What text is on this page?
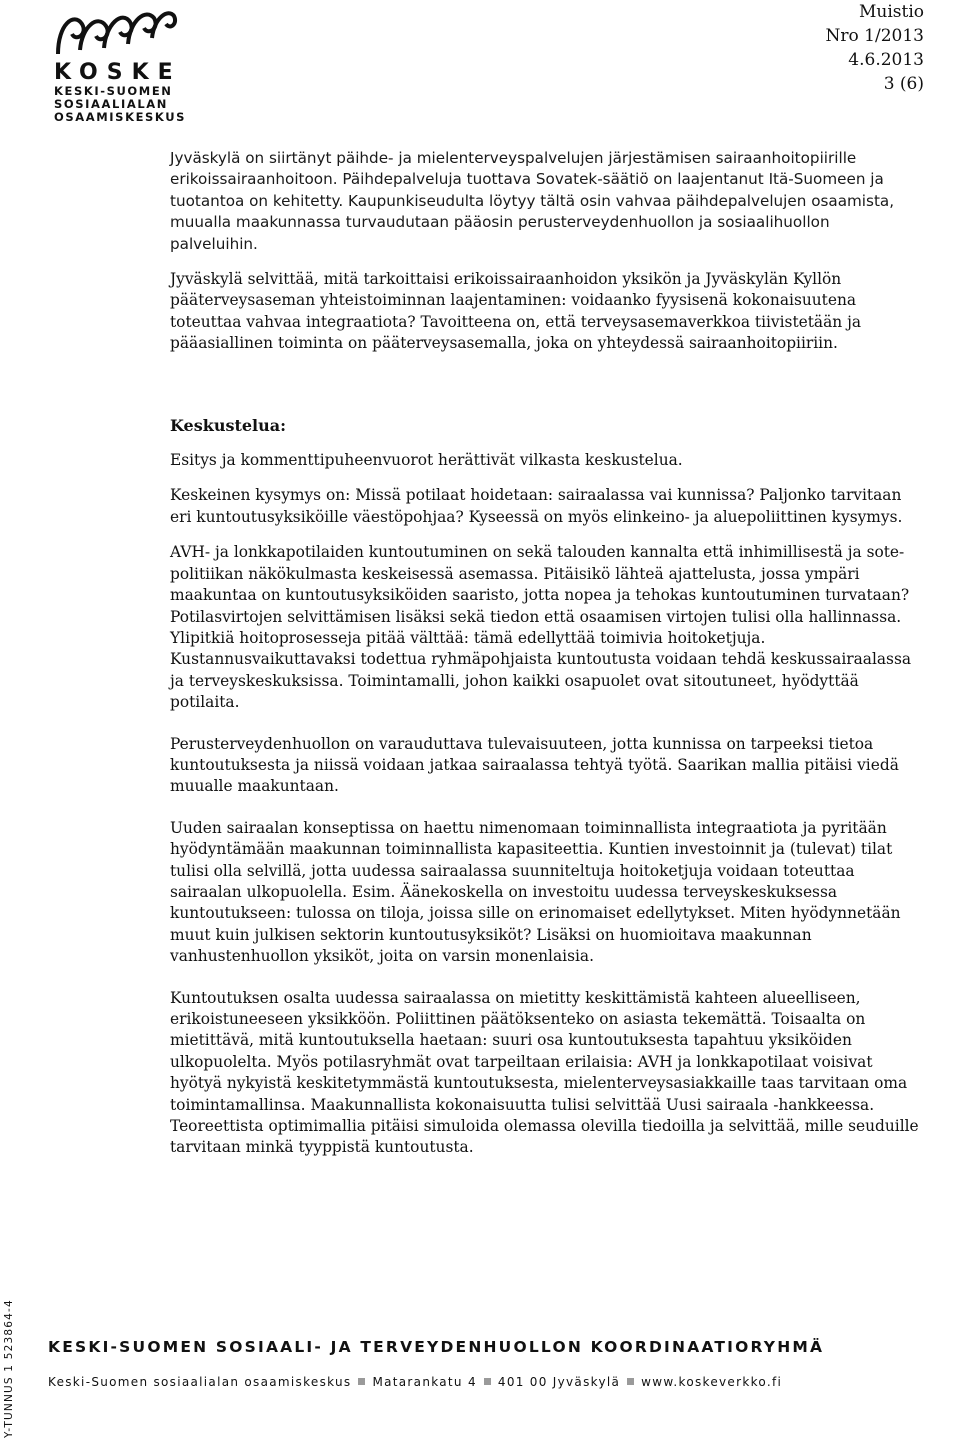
KOSKE
KESKI-SUOMEN
SOSIAALIALAN
OSAAMISKESKUS
Muistio
Nro 1/2013
4.6.2013
3 (6)

Jyväskylä on siirtänyt päihde- ja mielenterveyspalvelujen järjestämisen sairaanhoitopiirille erikoissairaanhoitoon. Päihdepalveluja tuottava Sovatek-säätiö on laajentanut Itä-Suomeen ja tuotantoa on kehitetty. Kaupunkiseudulta löytyy tältä osin vahvaa päihdepalvelujen osaamista, muualla maakunnassa turvaudutaan pääosin perusterveydenhuollon ja sosiaalihuollon palveluihin.

Jyväskylä selvittää, mitä tarkoittaisi erikoissairaanhoidon yksikön ja Jyväskylän Kyllön pääterveysaseman yhteistoiminnan laajentaminen: voidaanko fyysisenä kokonaisuutena toteuttaa vahvaa integraatiota? Tavoitteena on, että terveysasemaverkkoa tiivistetään ja pääasiallinen toiminta on pääterveysasemalla, joka on yhteydessä sairaanhoitopiiriin.

Keskustelua:

Esitys ja kommenttipuheenvuorot herättivät vilkasta keskustelua.

Keskeinen kysymys on: Missä potilaat hoidetaan: sairaalassa vai kunnissa? Paljonko tarvitaan eri kuntoutusyksiköille väestöpohjaa? Kyseessä on myös elinkeino- ja aluepoliittinen kysymys.

AVH- ja lonkkapotilaiden kuntoutuminen on sekä talouden kannalta että inhimillisestä ja sote-politiikan näkökulmasta keskeisessä asemassa. Pitäisikö lähteä ajattelusta, jossa ympäri maakuntaa on kuntoutusyksiköiden saaristo, jotta nopea ja tehokas kuntoutuminen turvataan? Potilasvirtojen selvittämisen lisäksi sekä tiedon että osaamisen virtojen tulisi olla hallinnassa. Ylipitkiä hoitoprosesseja pitää välttää: tämä edellyttää toimivia hoitoketjuja. Kustannusvaikuttavaksi todettua ryhmäpohjaista kuntoutusta voidaan tehdä keskussairaalassa ja terveyskeskuksissa. Toimintamalli, johon kaikki osapuolet ovat sitoutuneet, hyödyttää potilaita.

Perusterveydenhuollon on varauduttava tulevaisuuteen, jotta kunnissa on tarpeeksi tietoa kuntoutuksesta ja niissä voidaan jatkaa sairaalassa tehtyä työtä. Saarikan mallia pitäisi viedä muualle maakuntaan.

Uuden sairaalan konseptissa on haettu nimenomaan toiminnallista integraatiota ja pyritään hyödyntämään maakunnan toiminnallista kapasiteettia. Kuntien investoinnit ja (tulevat) tilat tulisi olla selvillä, jotta uudessa sairaalassa suunniteltuja hoitoketjuja voidaan toteuttaa sairaalan ulkopuolella. Esim. Äänekoskella on investoitu uudessa terveyskeskuksessa kuntoutukseen: tulossa on tiloja, joissa sille on erinomaiset edellytykset. Miten hyödynnetään muut kuin julkisen sektorin kuntoutusyksiköt? Lisäksi on huomioitava maakunnan vanhustenhuollon yksiköt, joita on varsin monenlaisia.

Kuntoutuksen osalta uudessa sairaalassa on mietitty keskittämistä kahteen alueelliseen, erikoistuneeseen yksikköön. Poliittinen päätöksenteko on asiasta tekemättä. Toisaalta on mietittävä, mitä kuntoutuksella haetaan: suuri osa kuntoutuksesta tapahtuu yksiköiden ulkopuolelta. Myös potilasryhmät ovat tarpeiltaan erilaisia: AVH ja lonkkapotilaat voisivat hyötyä nykyistä keskitetymmästä kuntoutuksesta, mielenterveysasiakkaille taas tarvitaan oma toimintamallinsa. Maakunnallista kokonaisuutta tulisi selvittää Uusi sairaala -hankkeessa. Teoreettista optimimallia pitäisi simuloida olemassa olevilla tiedoilla ja selvittää, mille seuduille tarvitaan minkä tyyppistä kuntoutusta.

Y-TUNNUS 1 523864-4 KESKI-SUOMEN SOSIAALI- JA TERVEYDENHUOLLON KOORDINAATIORYHMÄ
Keski-Suomen sosiaalialan osaamiskeskus Matarankatu 4 401 00 Jyväskylä www.koskeverkko.fi
